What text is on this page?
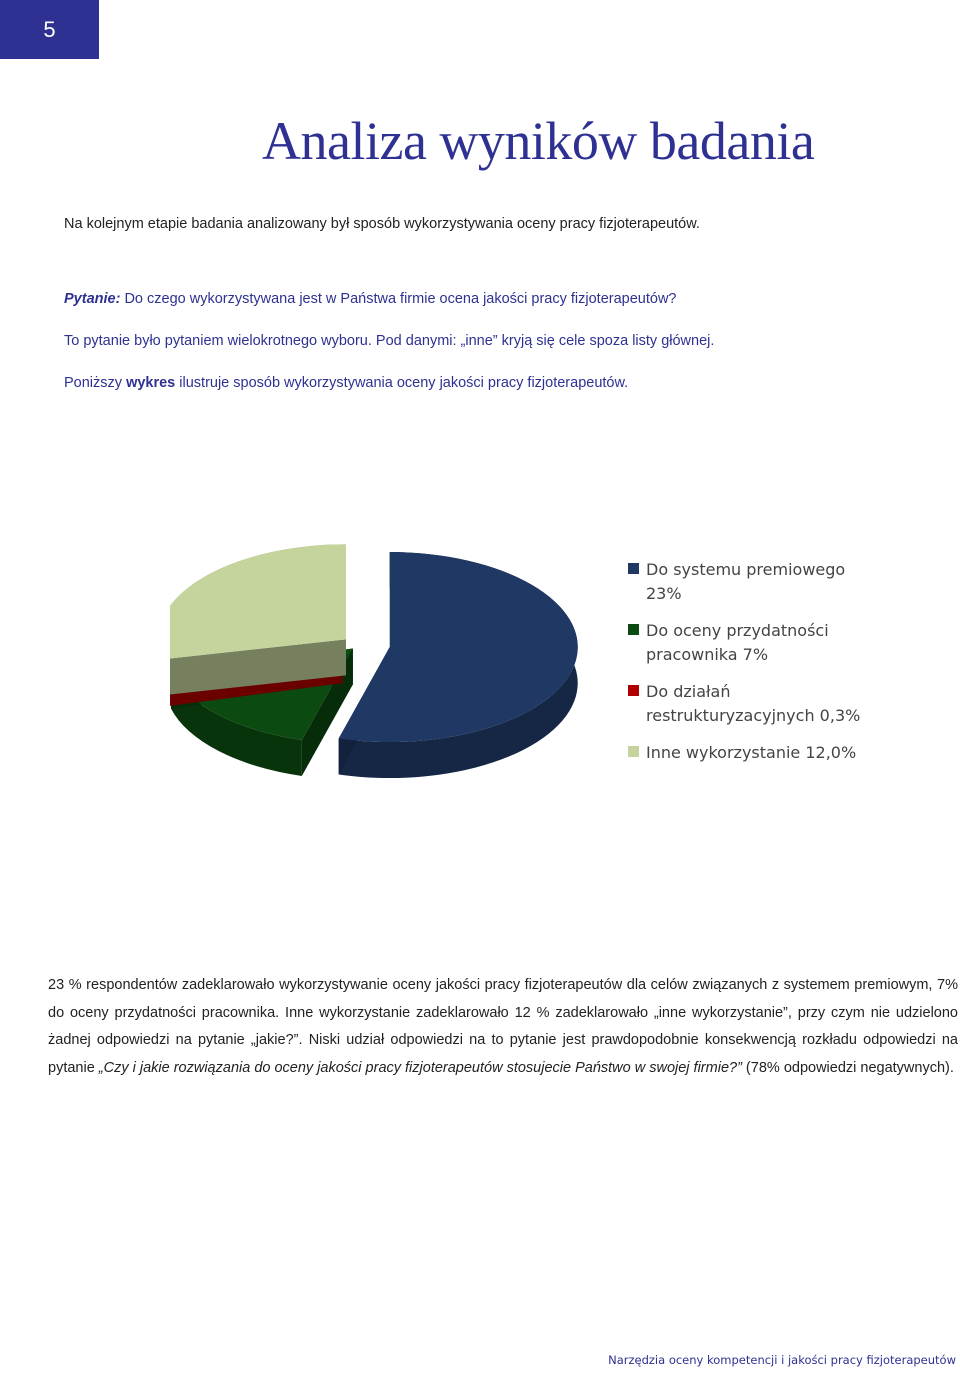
5
Analiza wyników badania

Na kolejnym etapie badania analizowany był sposób wykorzystywania oceny pracy fizjoterapeutów.

Pytanie: Do czego wykorzystywana jest w Państwa firmie ocena jakości pracy fizjoterapeutów?

To pytanie było pytaniem wielokrotnego wyboru. Pod danymi: „inne” kryją się cele spoza listy głównej.

Poniższy wykres ilustruje sposób wykorzystywania oceny jakości pracy fizjoterapeutów.

Do systemu premiowego
23%
Do oceny przydatności
pracownika 7%
Do działań
restrukturyzacyjnych 0,3%
Inne wykorzystanie 12,0%

23 % respondentów zadeklarowało wykorzystywanie oceny jakości pracy fizjoterapeutów dla celów związanych z systemem premiowym, 7% do oceny przydatności pracownika. Inne wykorzystanie zadeklarowało 12 % zadeklarowało „inne wykorzystanie”, przy czym nie udzielono żadnej odpowiedzi na pytanie „jakie?”. Niski udział odpowiedzi na to pytanie jest prawdopodobnie konsekwencją rozkładu odpowiedzi na pytanie „Czy i jakie rozwiązania do oceny jakości pracy fizjoterapeutów stosujecie Państwo w swojej firmie?” (78% odpowiedzi negatywnych).

Narzędzia oceny kompetencji i jakości pracy fizjoterapeutów
